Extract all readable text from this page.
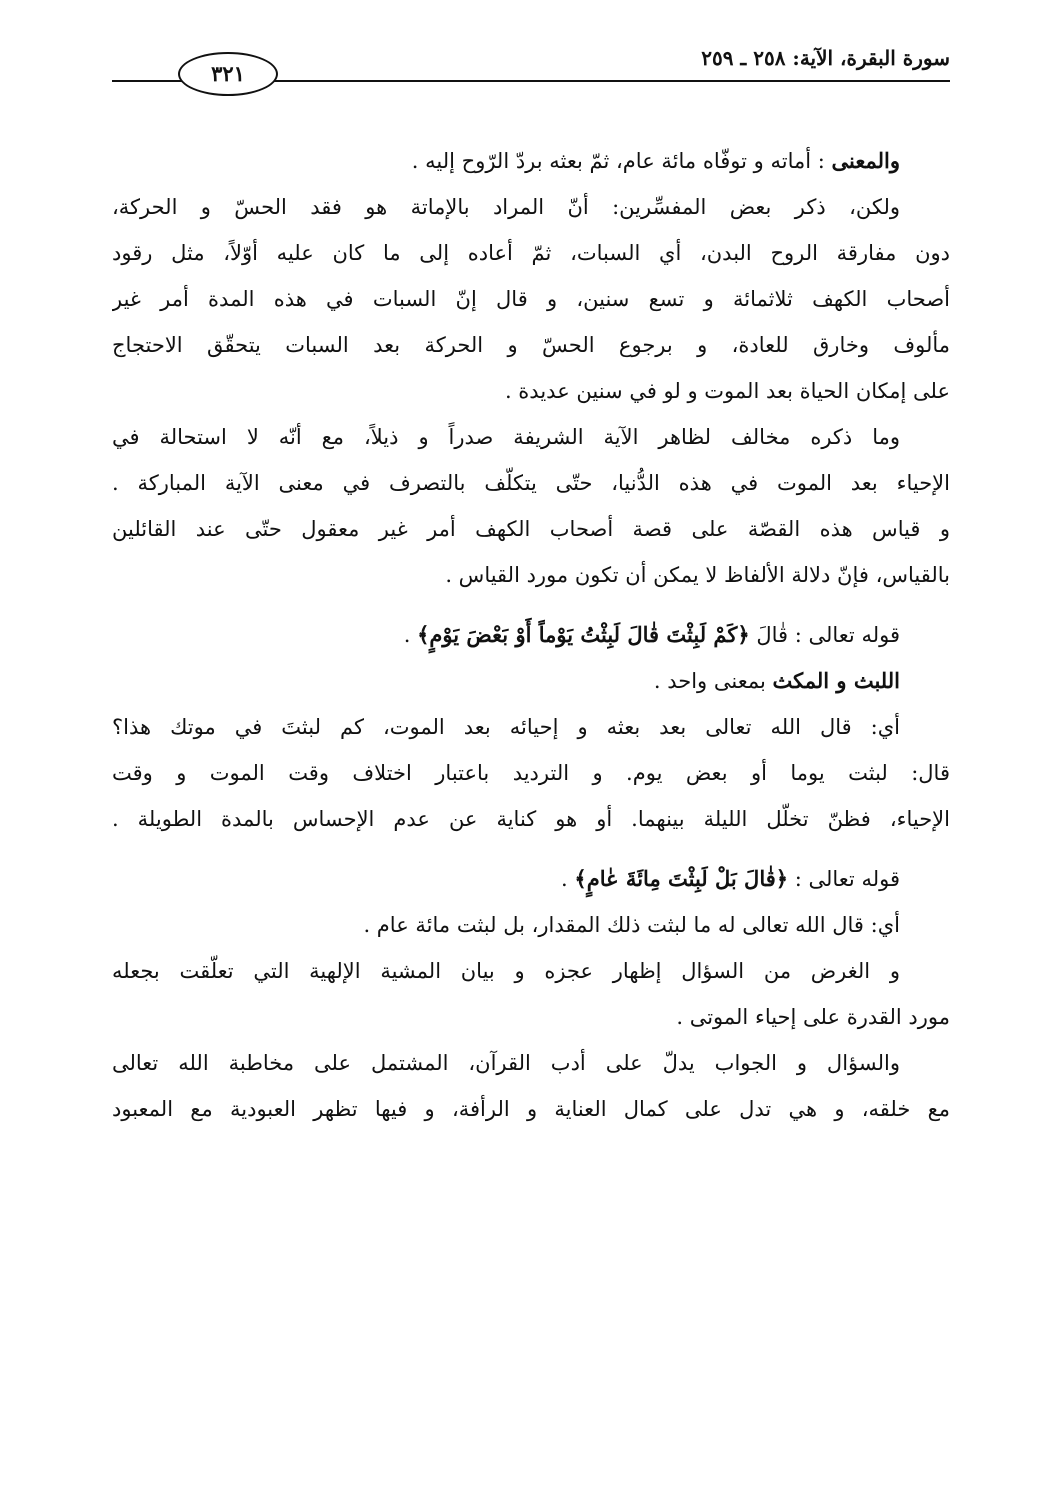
سورة البقرة، الآية: ٢٥٨ ـ ٢٥٩
٣٢١
والمعنى : أماته و توفّاه مائة عام، ثمّ بعثه بردّ الرّوح إليه .
ولكن، ذكر بعض المفسِّرين: أنّ المراد بالإماتة هو فقد الحسّ و الحركة،
دون مفارقة الروح البدن، أي السبات، ثمّ أعاده إلى ما كان عليه أوّلاً، مثل رقود
أصحاب الكهف ثلاثمائة و تسع سنين، و قال إنّ السبات في هذه المدة أمر غير
مألوف وخارق للعادة، و برجوع الحسّ و الحركة بعد السبات يتحقّق الاحتجاج
على إمكان الحياة بعد الموت و لو في سنين عديدة .
وما ذكره مخالف لظاهر الآية الشريفة صدراً و ذيلاً، مع أنّه لا استحالة في
الإحياء بعد الموت في هذه الدُّنيا، حتّى يتكلّف بالتصرف في معنى الآية المباركة .
و قياس هذه القصّة على قصة أصحاب الكهف أمر غير معقول حتّى عند القائلين
بالقياس، فإنّ دلالة الألفاظ لا يمكن أن تكون مورد القياس .
قوله تعالى : قٰالَ ﴿كَمْ لَبِثْتَ قٰالَ لَبِثْتُ يَوْماً أَوْ بَعْضَ يَوْمٍ﴾ .
اللبث و المكث بمعنى واحد .
أي: قال الله تعالى بعد بعثه و إحيائه بعد الموت، كم لبثتَ في موتك هذا؟
قال: لبثت يوما أو بعض يوم. و الترديد باعتبار اختلاف وقت الموت و وقت
الإحياء، فظنّ تخلّل الليلة بينهما. أو هو كناية عن عدم الإحساس بالمدة الطويلة .
قوله تعالى : ﴿قٰالَ بَلْ لَبِثْتَ مِائَةَ عٰامٍ﴾ .
أي: قال الله تعالى له ما لبثت ذلك المقدار، بل لبثت مائة عام .
و الغرض من السؤال إظهار عجزه و بيان المشية الإلهية التي تعلّقت بجعله
مورد القدرة على إحياء الموتى .
والسؤال و الجواب يدلّ على أدب القرآن، المشتمل على مخاطبة الله تعالى
مع خلقه، و هي تدل على كمال العناية و الرأفة، و فيها تظهر العبودية مع المعبود
